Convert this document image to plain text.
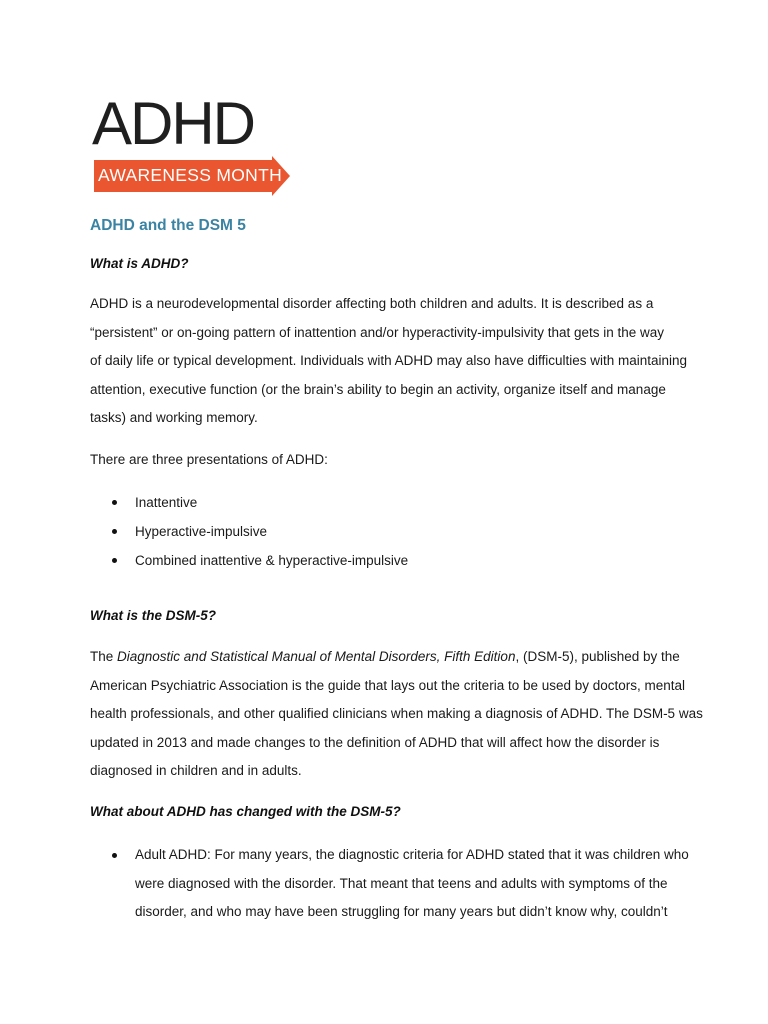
ADHD
AWARENESS MONTH
ADHD and the DSM 5
What is ADHD?
ADHD is a neurodevelopmental disorder affecting both children and adults. It is described as a
“persistent” or on-going pattern of inattention and/or hyperactivity-impulsivity that gets in the way
of daily life or typical development. Individuals with ADHD may also have difficulties with maintaining
attention, executive function (or the brain’s ability to begin an activity, organize itself and manage
tasks) and working memory.
There are three presentations of ADHD:
Inattentive
Hyperactive-impulsive
Combined inattentive & hyperactive-impulsive
What is the DSM-5?
The Diagnostic and Statistical Manual of Mental Disorders, Fifth Edition, (DSM-5), published by the
American Psychiatric Association is the guide that lays out the criteria to be used by doctors, mental
health professionals, and other qualified clinicians when making a diagnosis of ADHD. The DSM-5 was
updated in 2013 and made changes to the definition of ADHD that will affect how the disorder is
diagnosed in children and in adults.
What about ADHD has changed with the DSM-5?
Adult ADHD: For many years, the diagnostic criteria for ADHD stated that it was children who
were diagnosed with the disorder. That meant that teens and adults with symptoms of the
disorder, and who may have been struggling for many years but didn’t know why, couldn’t
